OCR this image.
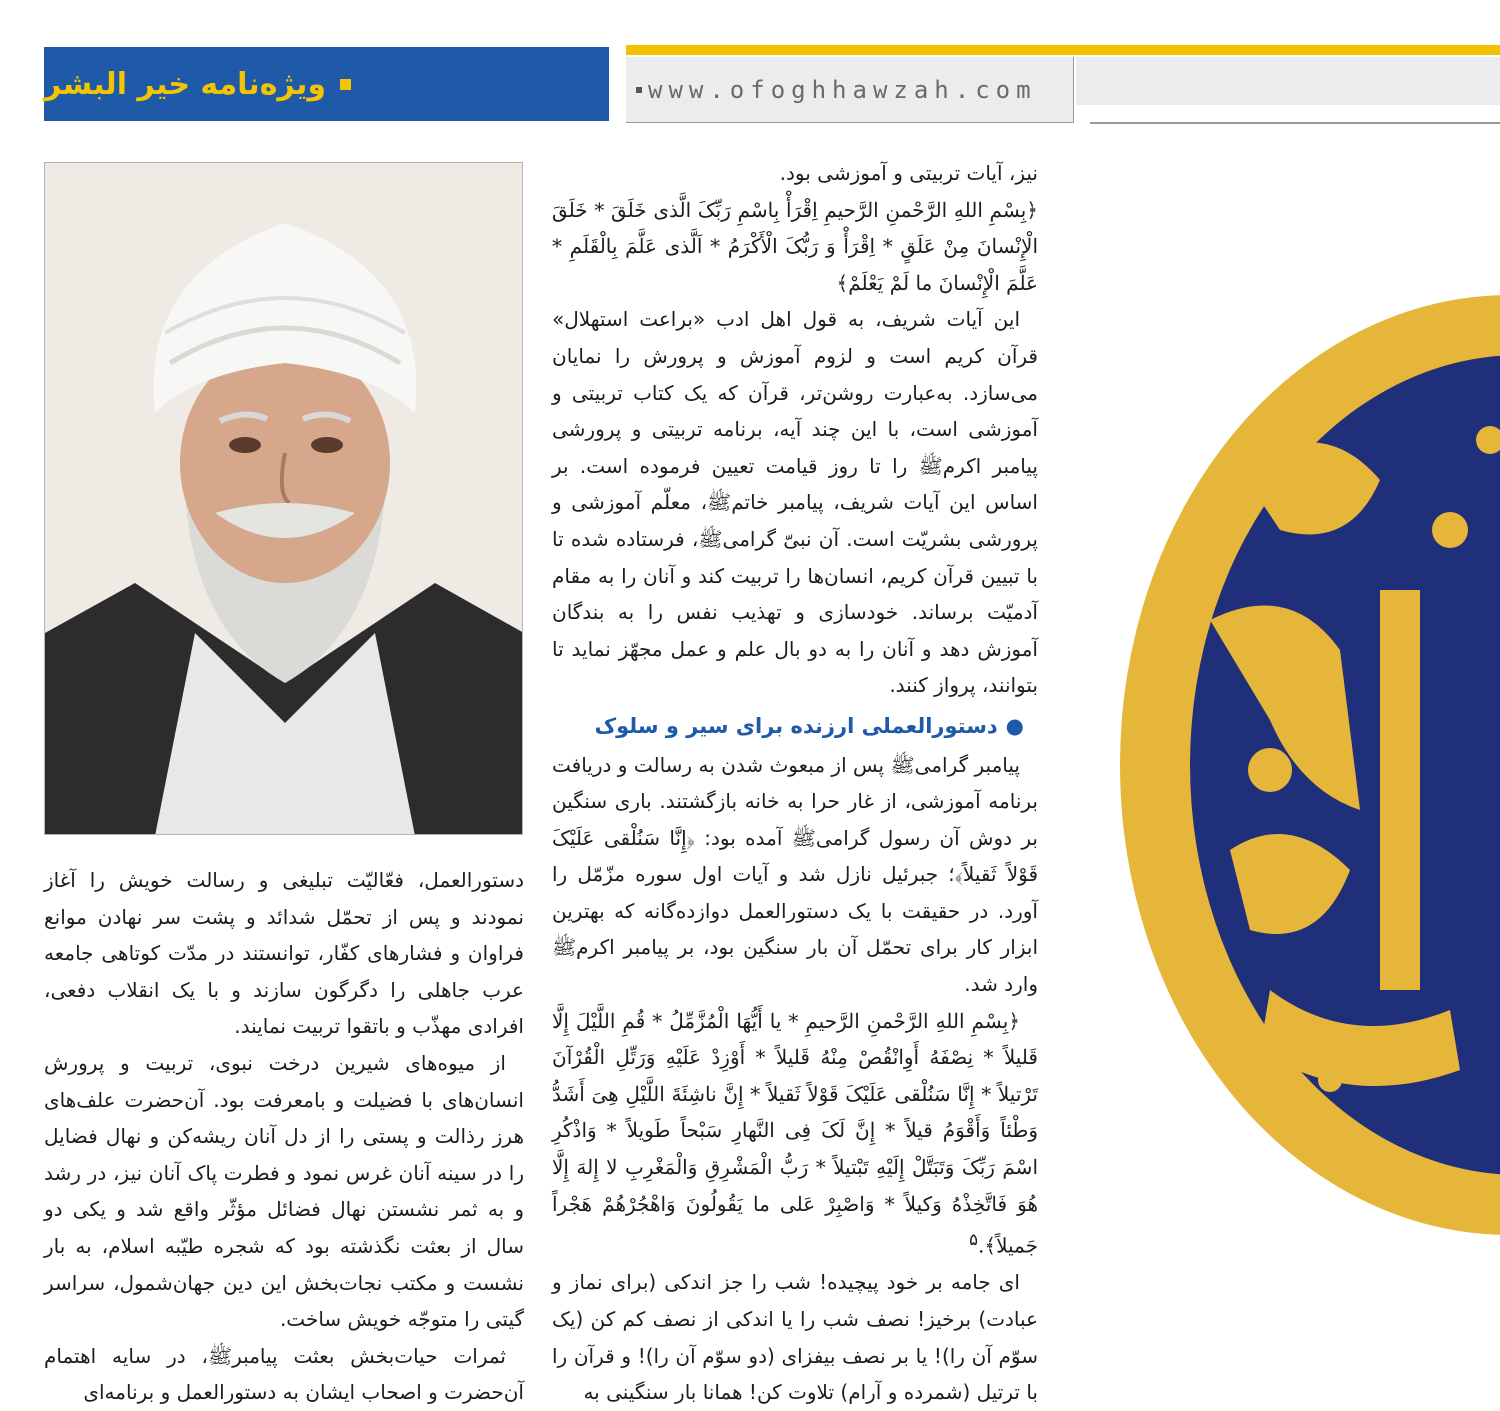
ویژه‌نامه خیر البشر	www.ofoghhawzah.com

نیز، آیات تربیتی و آموزشی بود.

﴿بِسْمِ اللهِ الرَّحْمنِ الرَّحیمِ اِقْرَأْ بِاسْمِ رَبِّکَ الَّذی خَلَقَ * خَلَقَ الْإِنْسانَ مِنْ عَلَقٍ * اِقْرَأْ وَ رَبُّکَ الْأَکْرَمُ * اَلَّذی عَلَّمَ بِالْقَلَمِ * عَلَّمَ الْإِنْسانَ ما لَمْ یَعْلَمْ﴾

این آیات شریف، به قول اهل ادب «براعت استهلال» قرآن کریم است و لزوم آموزش و پرورش را نمایان می‌سازد. به‌عبارت روشن‌تر، قرآن که یک کتاب تربیتی و آموزشی است، با این چند آیه، برنامه تربیتی و پرورشی پیامبر اکرمﷺ را تا روز قیامت تعیین فرموده است. بر اساس این آیات شریف، پیامبر خاتمﷺ، معلّم آموزشی و پرورشی بشریّت است. آن نبیّ گرامیﷺ، فرستاده شده تا با تبیین قرآن کریم، انسان‌ها را تربیت کند و آنان را به مقام آدمیّت برساند. خودسازی و تهذیب نفس را به بندگان آموزش دهد و آنان را به دو بال علم و عمل مجهّز نماید تا بتوانند، پرواز کنند.

●دستورالعملی ارزنده برای سیر و سلوک

پیامبر گرامیﷺ پس از مبعوث شدن به رسالت و دریافت برنامه آموزشی، از غار حرا به خانه بازگشتند. باری سنگین بر دوش آن رسول گرامیﷺ آمده بود: ﴿إِنَّا سَنُلْقی عَلَیْکَ قَوْلاً ثَقیلاً﴾؛ جبرئیل نازل شد و آیات اول سوره مزّمّل را آورد. در حقیقت با یک دستورالعمل دوازده‌گانه که بهترین ابزار کار برای تحمّل آن بار سنگین بود، بر پیامبر اکرمﷺ وارد شد.

﴿بِسْمِ اللهِ الرَّحْمنِ الرَّحیمِ * یا أَیُّهَا الْمُزَّمِّلُ * قُمِ اللَّیْلَ إِلَّا قَلیلاً * نِصْفَهُ أَوِانْقُصْ مِنْهُ قَلیلاً * أَوْزِدْ عَلَیْهِ وَرَتِّلِ الْقُرْآنَ تَرْتیلاً * إِنَّا سَنُلْقی عَلَیْکَ قَوْلاً ثَقیلاً * إِنَّ ناشِئَةَ اللَّیْلِ هِیَ أَشَدُّ وَطْئاً وَأَقْوَمُ قیلاً * إِنَّ لَکَ فِی النَّهارِ سَبْحاً طَویلاً * وَاذْکُرِ اسْمَ رَبِّکَ وَتَبَتَّلْ إِلَیْهِ تَبْتیلاً * رَبُّ الْمَشْرِقِ وَالْمَغْرِبِ لا إِلهَ إِلَّا هُوَ فَاتَّخِذْهُ وَکیلاً * وَاصْبِرْ عَلی ما یَقُولُونَ وَاهْجُرْهُمْ هَجْراً جَمیلاً﴾.$^۵$

ای جامه بر خود پیچیده! شب را جز اندکی (برای نماز و عبادت) برخیز! نصف شب را یا اندکی از نصف کم کن (یک سوّم آن را)! یا بر نصف بیفزای (دو سوّم آن را)! و قرآن را با ترتیل (شمرده و آرام) تلاوت کن! همانا بار سنگینی به

دستورالعمل، فعّالیّت تبلیغی و رسالت خویش را آغاز نمودند و پس از تحمّل شدائد و پشت سر نهادن موانع فراوان و فشارهای کفّار، توانستند در مدّت کوتاهی جامعه عرب جاهلی را دگرگون سازند و با یک انقلاب دفعی، افرادی مهذّب و باتقوا تربیت نمایند.

از میوه‌های شیرین درخت نبوی، تربیت و پرورش انسان‌های با فضیلت و بامعرفت بود. آن‌حضرت علف‌های هرز رذالت و پستی را از دل آنان ریشه‌کن و نهال فضایل را در سینه آنان غرس نمود و فطرت پاک آنان نیز، در رشد و به ثمر نشستن نهال فضائل مؤثّر واقع شد و یکی دو سال از بعثت نگذشته بود که شجره طیّبه اسلام، به بار نشست و مکتب نجات‌بخش این دین جهان‌شمول، سراسر گیتی را متوجّه خویش ساخت.

ثمرات حیات‌بخش بعثت پیامبرﷺ، در سایه اهتمام آن‌حضرت و اصحاب ایشان به دستورالعمل و برنامه‌ای
